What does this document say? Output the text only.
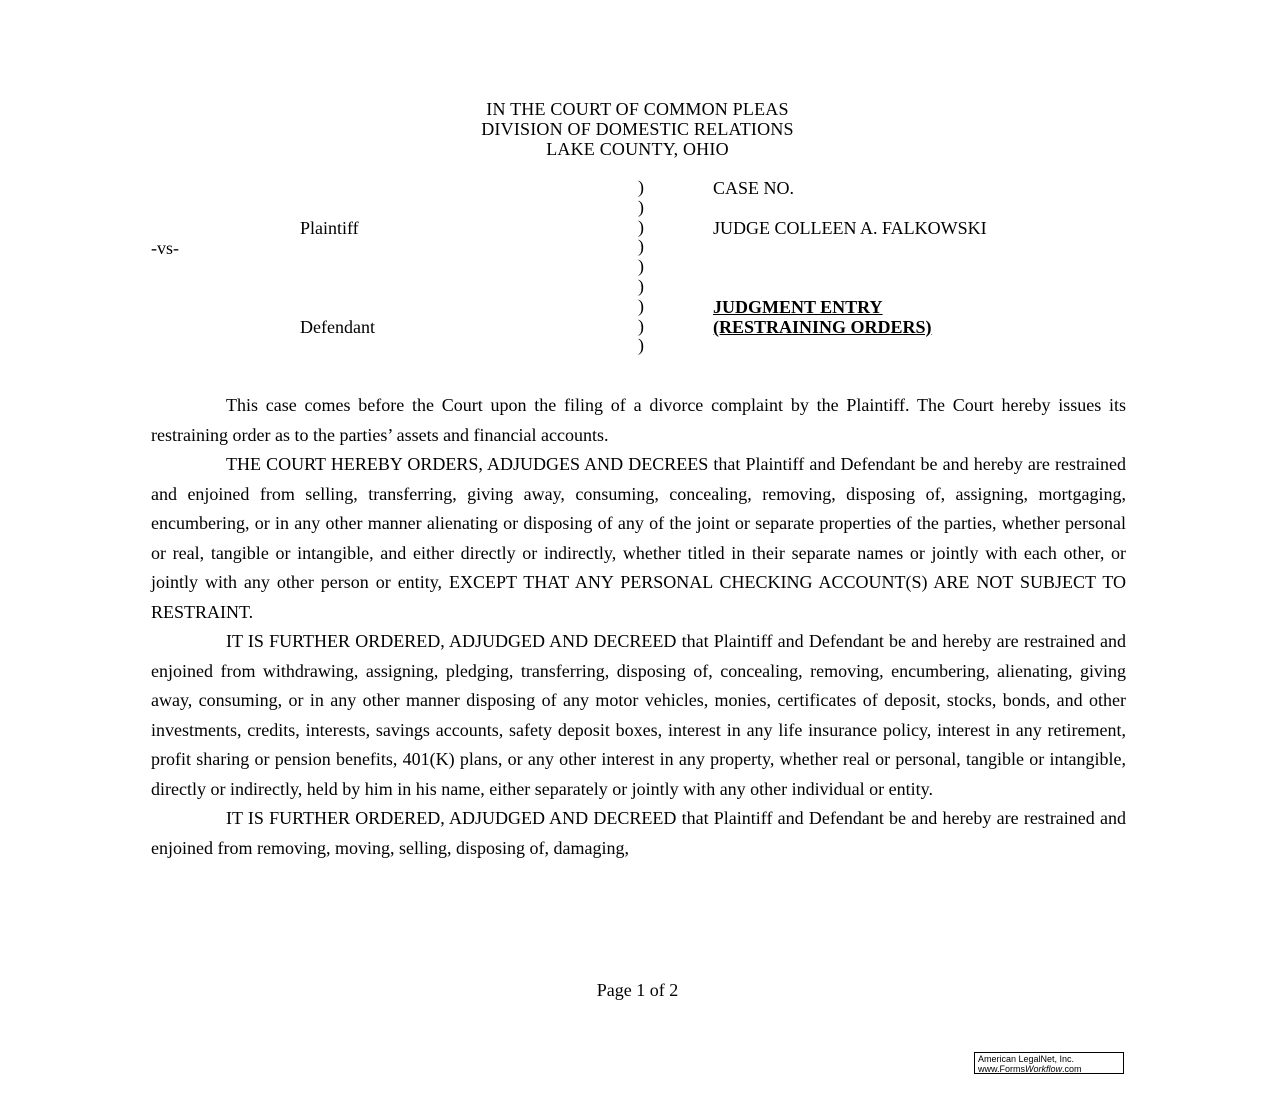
IN THE COURT OF COMMON PLEAS
DIVISION OF DOMESTIC RELATIONS
LAKE COUNTY, OHIO
Plaintiff
-vs-
Defendant
)
)
)
)
)
)
)
)
)
CASE NO.
JUDGE COLLEEN A. FALKOWSKI
JUDGMENT ENTRY
(RESTRAINING ORDERS)

This case comes before the Court upon the filing of a divorce complaint by the Plaintiff. The Court hereby issues its restraining order as to the parties’ assets and financial accounts.

THE COURT HEREBY ORDERS, ADJUDGES AND DECREES that Plaintiff and Defendant be and hereby are restrained and enjoined from selling, transferring, giving away, consuming, concealing, removing, disposing of, assigning, mortgaging, encumbering, or in any other manner alienating or disposing of any of the joint or separate properties of the parties, whether personal or real, tangible or intangible, and either directly or indirectly, whether titled in their separate names or jointly with each other, or jointly with any other person or entity, EXCEPT THAT ANY PERSONAL CHECKING ACCOUNT(S) ARE NOT SUBJECT TO RESTRAINT.

IT IS FURTHER ORDERED, ADJUDGED AND DECREED that Plaintiff and Defendant be and hereby are restrained and enjoined from withdrawing, assigning, pledging, transferring, disposing of, concealing, removing, encumbering, alienating, giving away, consuming, or in any other manner disposing of any motor vehicles, monies, certificates of deposit, stocks, bonds, and other investments, credits, interests, savings accounts, safety deposit boxes, interest in any life insurance policy, interest in any retirement, profit sharing or pension benefits, 401(K) plans, or any other interest in any property, whether real or personal, tangible or intangible, directly or indirectly, held by him in his name, either separately or jointly with any other individual or entity.

IT IS FURTHER ORDERED, ADJUDGED AND DECREED that Plaintiff and Defendant be and hereby are restrained and enjoined from removing, moving, selling, disposing of, damaging,

Page 1 of 2
American LegalNet, Inc.
www.FormsWorkflow.com
